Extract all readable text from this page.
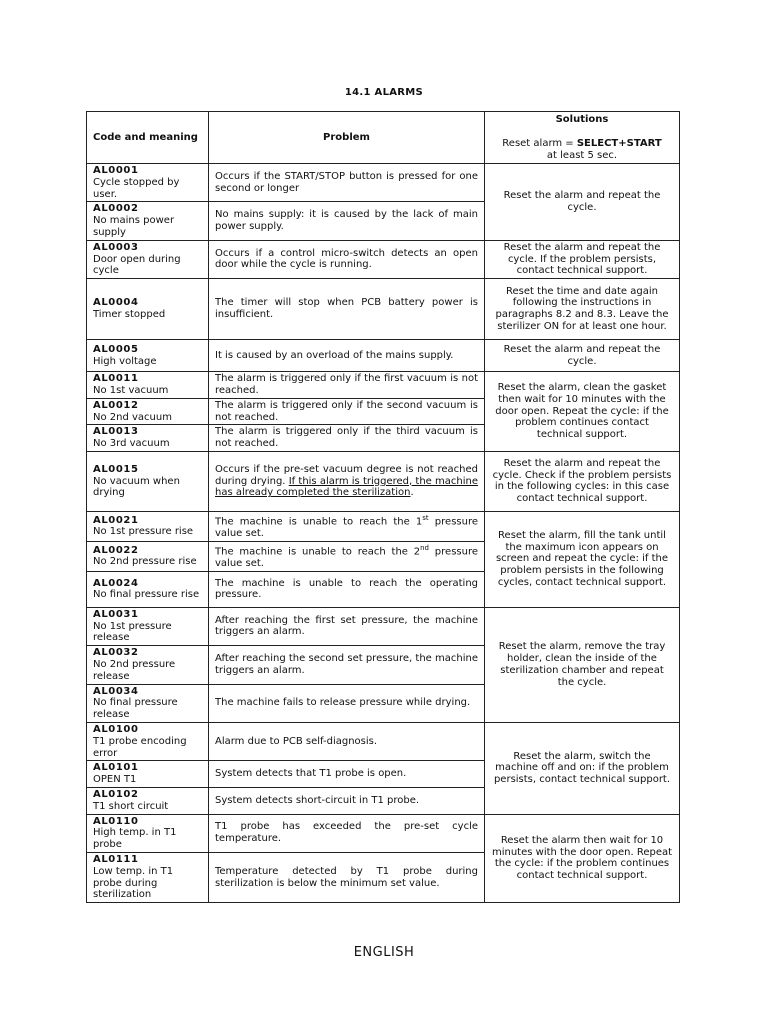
14.1 ALARMS
Code and meaning	Problem	Solutions
Reset alarm = SELECT+START
at least 5 sec.

AL0001
Cycle stopped by user.	Occurs if the START/STOP button is pressed for one second or longer	Reset the alarm and repeat the cycle.

AL0002
No mains power supply	No mains supply: it is caused by the lack of main power supply.	

AL0003
Door open during cycle	Occurs if a control micro-switch detects an open door while the cycle is running.	Reset the alarm and repeat the cycle. If the problem persists, contact technical support.

AL0004
Timer stopped	The timer will stop when PCB battery power is insufficient.	Reset the time and date again following the instructions in paragraphs 8.2 and 8.3. Leave the sterilizer ON for at least one hour.

AL0005
High voltage	It is caused by an overload of the mains supply.	Reset the alarm and repeat the cycle.

AL0011
No 1st vacuum	The alarm is triggered only if the first vacuum is not reached.	Reset the alarm, clean the gasket then wait for 10 minutes with the door open. Repeat the cycle: if the problem continues contact technical support.

AL0012
No 2nd vacuum	The alarm is triggered only if the second vacuum is not reached.	

AL0013
No 3rd vacuum	The alarm is triggered only if the third vacuum is not reached.	

AL0015
No vacuum when drying	Occurs if the pre-set vacuum degree is not reached during drying. If this alarm is triggered, the machine has already completed the sterilization.	Reset the alarm and repeat the cycle. Check if the problem persists in the following cycles: in this case contact technical support.

AL0021
No 1st pressure rise	The machine is unable to reach the 1st pressure value set.	Reset the alarm, fill the tank until the maximum icon appears on screen and repeat the cycle: if the problem persists in the following cycles, contact technical support.

AL0022
No 2nd pressure rise	The machine is unable to reach the 2nd pressure value set.	

AL0024
No final pressure rise	The machine is unable to reach the operating pressure.	

AL0031
No 1st pressure release	After reaching the first set pressure, the machine triggers an alarm.	Reset the alarm, remove the tray holder, clean the inside of the sterilization chamber and repeat the cycle.

AL0032
No 2nd pressure release	After reaching the second set pressure, the machine triggers an alarm.	

AL0034
No final pressure release	The machine fails to release pressure while drying.	

AL0100
T1 probe encoding error	Alarm due to PCB self-diagnosis.	Reset the alarm, switch the machine off and on: if the problem persists, contact technical support.

AL0101
OPEN T1	System detects that T1 probe is open.	

AL0102
T1 short circuit	System detects short-circuit in T1 probe.	

AL0110
High temp. in T1 probe	T1 probe has exceeded the pre-set cycle temperature.	Reset the alarm then wait for 10 minutes with the door open. Repeat the cycle: if the problem continues contact technical support.

AL0111
Low temp. in T1 probe during sterilization	Temperature detected by T1 probe during sterilization is below the minimum set value.	
ENGLISH
